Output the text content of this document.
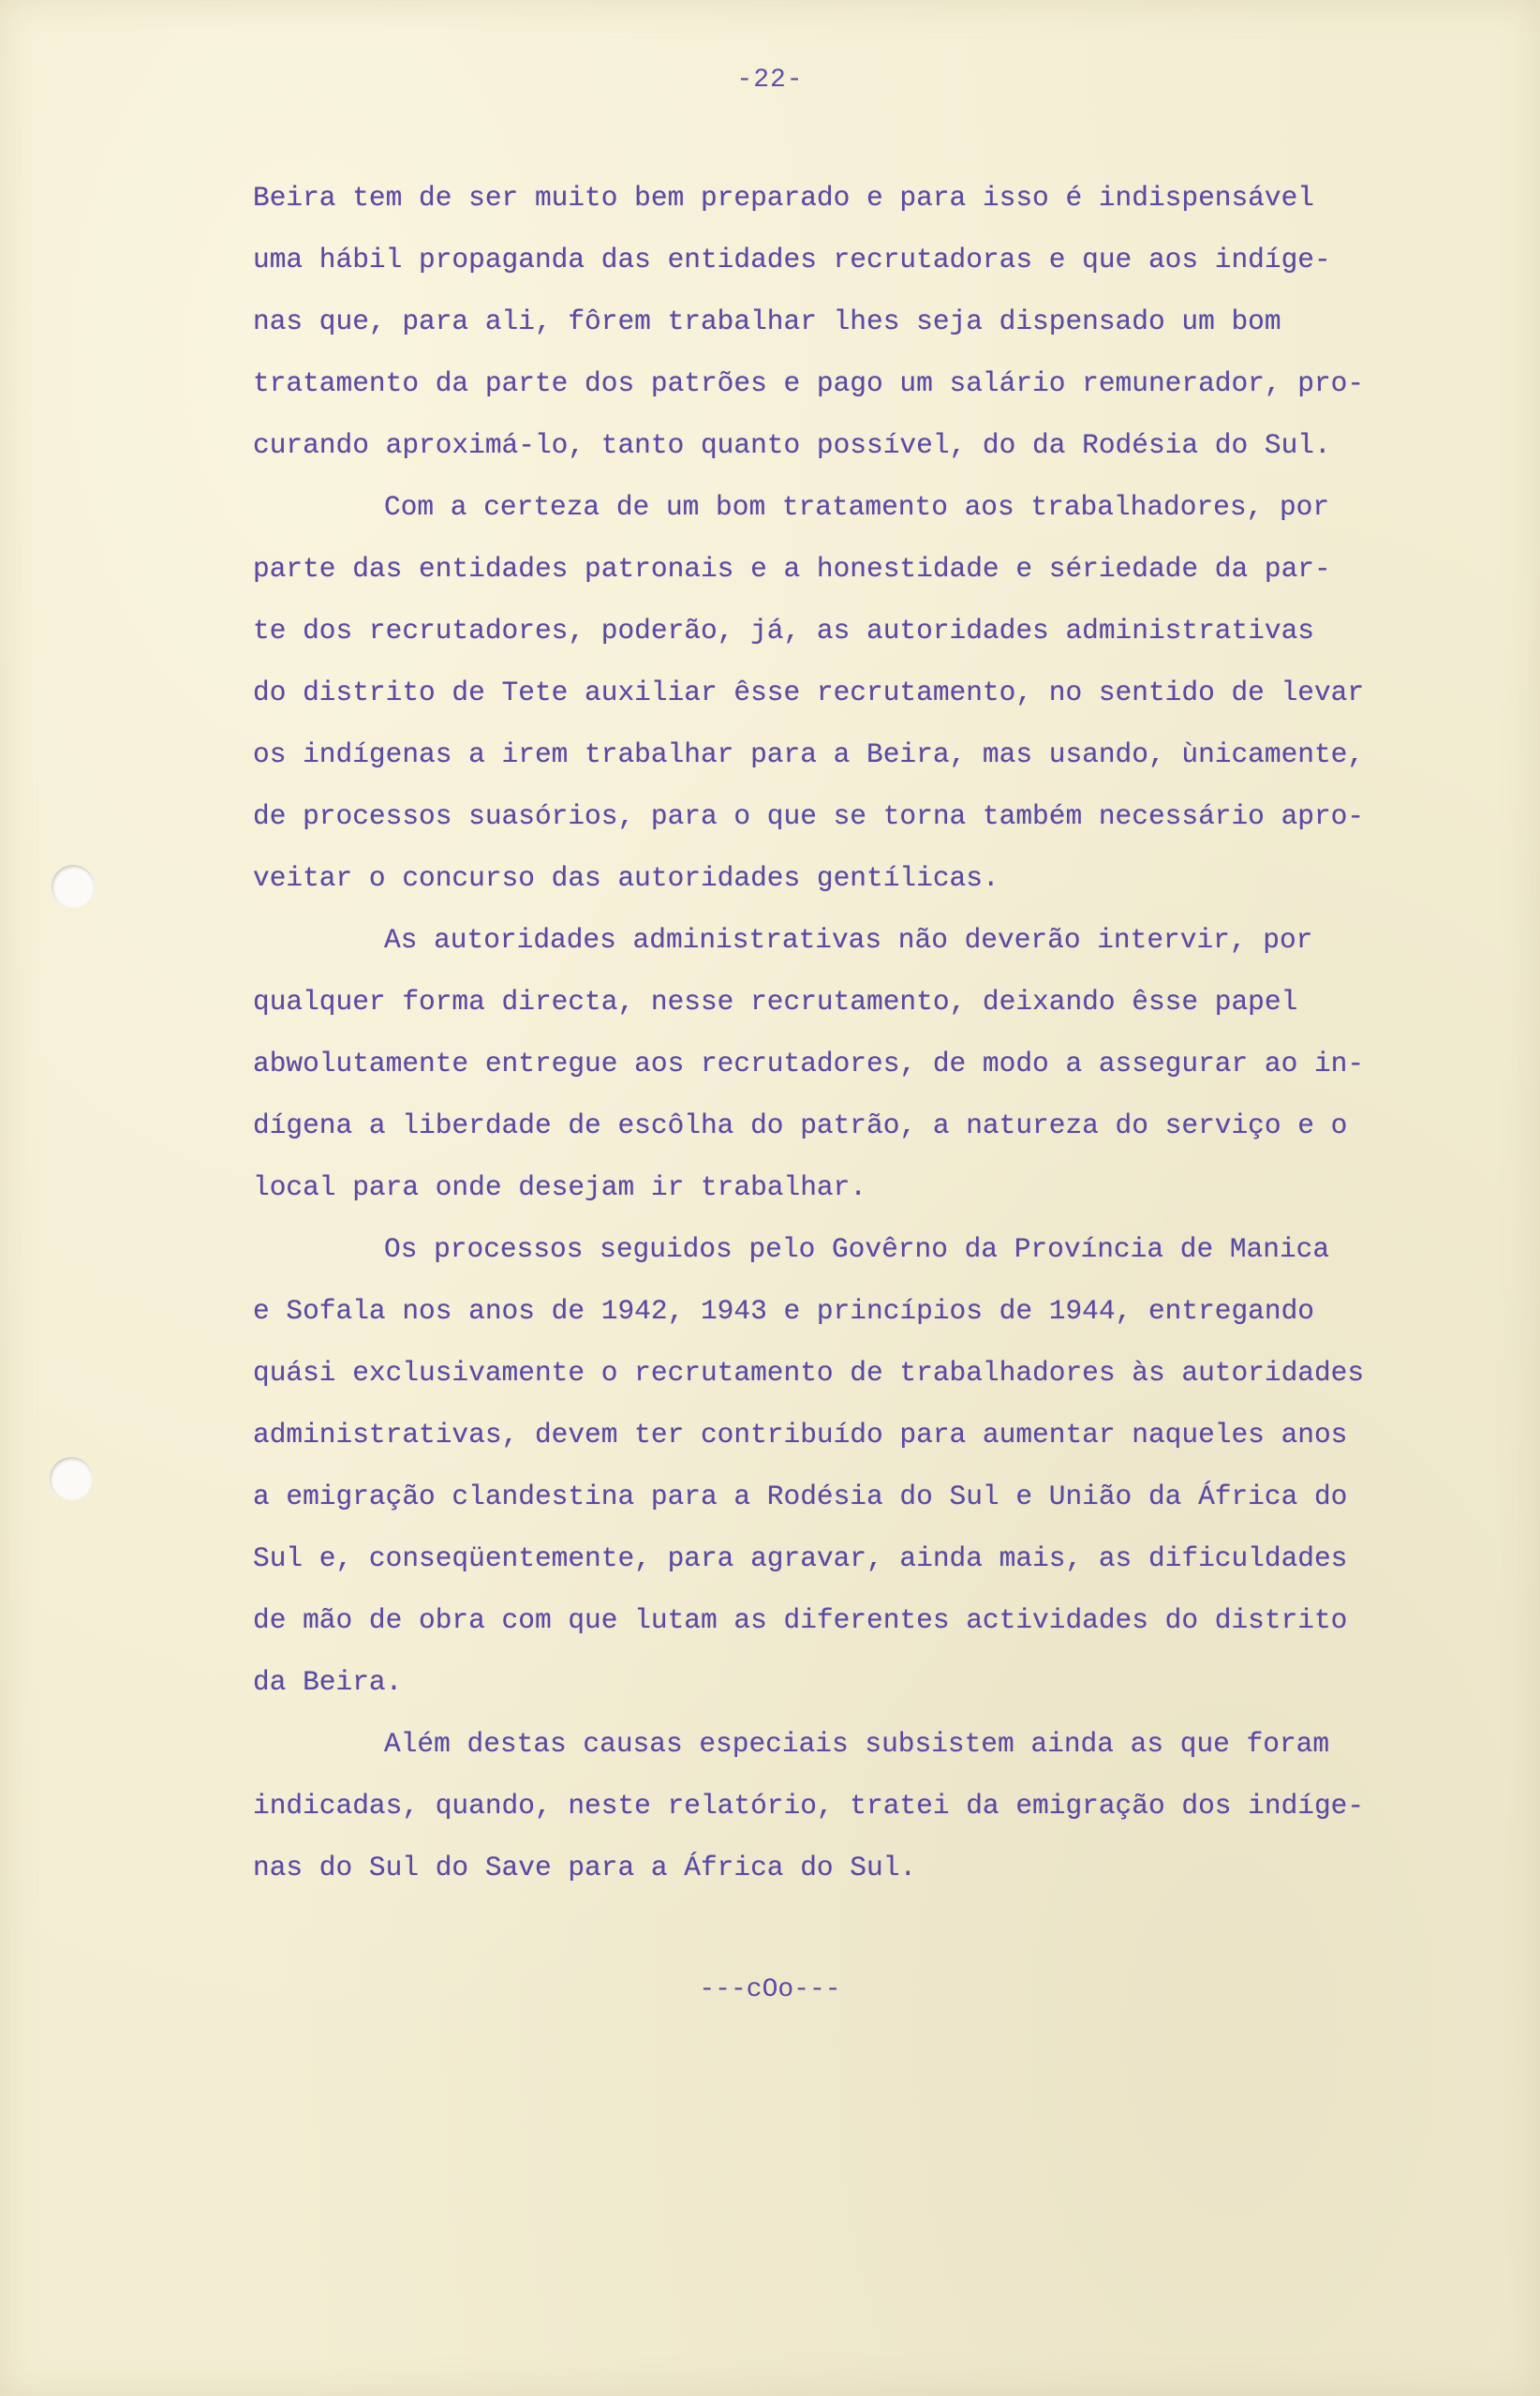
-22-
Beira tem de ser muito bem preparado e para isso é indispensável
uma hábil propaganda das entidades recrutadoras e que aos indíge-
nas que, para ali, fôrem trabalhar lhes seja dispensado um bom
tratamento da parte dos patrões e pago um salário remunerador, pro-
curando aproximá-lo, tanto quanto possível, do da Rodésia do Sul.
Com a certeza de um bom tratamento aos trabalhadores, por
parte das entidades patronais e a honestidade e sériedade da par-
te dos recrutadores, poderão, já, as autoridades administrativas
do distrito de Tete auxiliar êsse recrutamento, no sentido de levar
os indígenas a irem trabalhar para a Beira, mas usando, ùnicamente,
de processos suasórios, para o que se torna também necessário apro-
veitar o concurso das autoridades gentílicas.
As autoridades administrativas não deverão intervir, por
qualquer forma directa, nesse recrutamento, deixando êsse papel
abwolutamente entregue aos recrutadores, de modo a assegurar ao in-
dígena a liberdade de escôlha do patrão, a natureza do serviço e o
local para onde desejam ir trabalhar.
Os processos seguidos pelo Govêrno da Província de Manica
e Sofala nos anos de 1942, 1943 e princípios de 1944, entregando
quási exclusivamente o recrutamento de trabalhadores às autoridades
administrativas, devem ter contribuído para aumentar naqueles anos
a emigração clandestina para a Rodésia do Sul e União da África do
Sul e, conseqüentemente, para agravar, ainda mais, as dificuldades
de mão de obra com que lutam as diferentes actividades do distrito
da Beira.
Além destas causas especiais subsistem ainda as que foram
indicadas, quando, neste relatório, tratei da emigração dos indíge-
nas do Sul do Save para a África do Sul.
---cOo---
